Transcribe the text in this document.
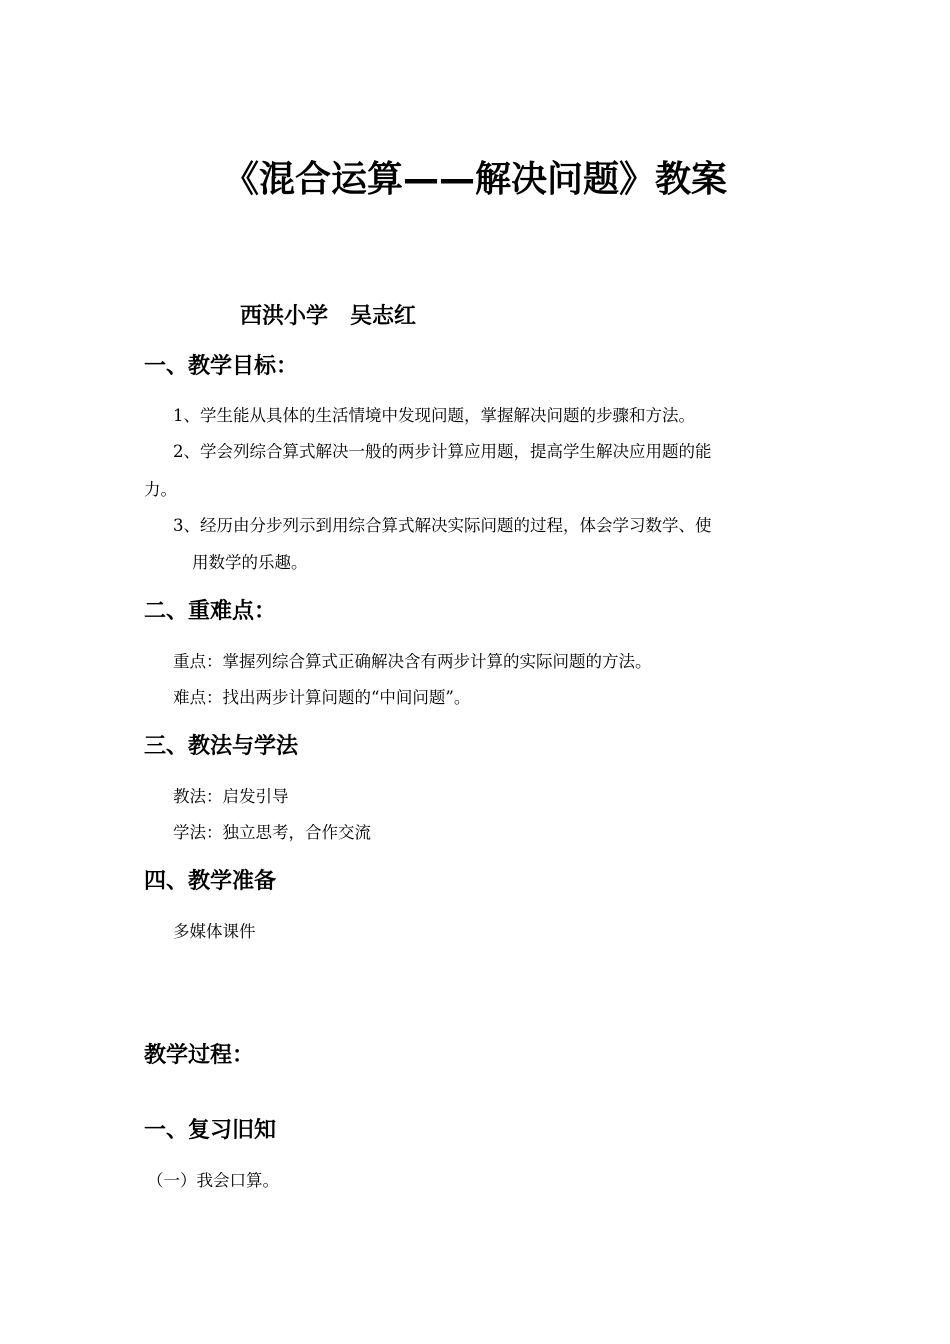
《混合运算——解决问题》教案
西洪小学　吴志红
一、教学目标：

1、学生能从具体的生活情境中发现问题，掌握解决问题的步骤和方法。

2、学会列综合算式解决一般的两步计算应用题，提高学生解决应用题的能

力。

3、经历由分步列示到用综合算式解决实际问题的过程，体会学习数学、使

用数学的乐趣。

二、重难点：

重点：掌握列综合算式正确解决含有两步计算的实际问题的方法。

难点：找出两步计算问题的“中间问题”。

三、教法与学法

教法：启发引导

学法：独立思考，合作交流

四、教学准备

多媒体课件

教学过程：
一、复习旧知

（一）我会口算。
